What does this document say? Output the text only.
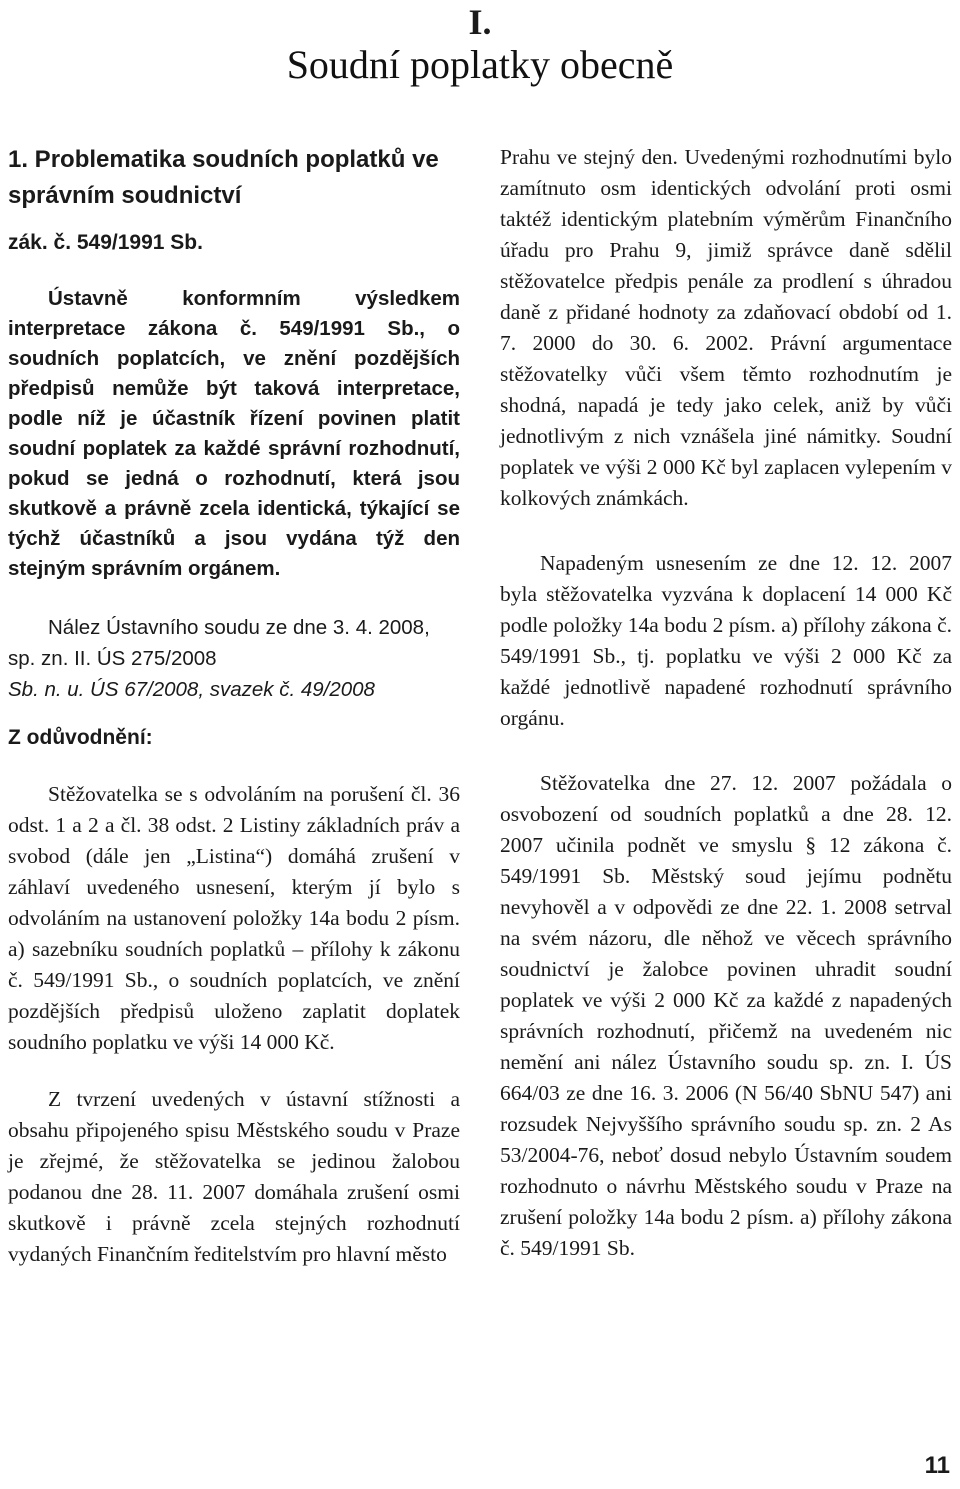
I.
Soudní poplatky obecně
1. Problematika soudních poplatků ve správním soudnictví
zák. č. 549/1991 Sb.

Ústavně konformním výsledkem interpretace zákona č. 549/1991 Sb., o soudních poplatcích, ve znění pozdějších předpisů nemůže být taková interpretace, podle níž je účastník řízení povinen platit soudní poplatek za každé správní rozhodnutí, pokud se jedná o rozhodnutí, která jsou skutkově a právně zcela identická, týkající se týchž účastníků a jsou vydána týž den stejným správním orgánem.

Nález Ústavního soudu ze dne 3. 4. 2008, sp. zn. II. ÚS 275/2008
Sb. n. u. ÚS 67/2008, svazek č. 49/2008
Z odůvodnění:

Stěžovatelka se s odvoláním na porušení čl. 36 odst. 1 a 2 a čl. 38 odst. 2 Listiny základních práv a svobod (dále jen „Listina“) domáhá zrušení v záhlaví uvedeného usnesení, kterým jí bylo s odvoláním na ustanovení položky 14a bodu 2 písm. a) sazebníku soudních poplatků – přílohy k zákonu č. 549/1991 Sb., o soudních poplatcích, ve znění pozdějších předpisů uloženo zaplatit doplatek soudního poplatku ve výši 14 000 Kč.

Z tvrzení uvedených v ústavní stížnosti a obsahu připojeného spisu Městského soudu v Praze je zřejmé, že stěžovatelka se jedinou žalobou podanou dne 28. 11. 2007 domáhala zrušení osmi skutkově i právně zcela stejných rozhodnutí vydaných Finančním ředitelstvím pro hlavní město

Prahu ve stejný den. Uvedenými rozhodnutími bylo zamítnuto osm identických odvolání proti osmi taktéž identickým platebním výměrům Finančního úřadu pro Prahu 9, jimiž správce daně sdělil stěžovatelce předpis penále za prodlení s úhradou daně z přidané hodnoty za zdaňovací období od 1. 7. 2000 do 30. 6. 2002. Právní argumentace stěžovatelky vůči všem těmto rozhodnutím je shodná, napadá je tedy jako celek, aniž by vůči jednotlivým z nich vznášela jiné námitky. Soudní poplatek ve výši 2 000 Kč byl zaplacen vylepením v kolkových známkách.

Napadeným usnesením ze dne 12. 12. 2007 byla stěžovatelka vyzvána k doplacení 14 000 Kč podle položky 14a bodu 2 písm. a) přílohy zákona č. 549/1991 Sb., tj. poplatku ve výši 2 000 Kč za každé jednotlivě napadené rozhodnutí správního orgánu.

Stěžovatelka dne 27. 12. 2007 požádala o osvobození od soudních poplatků a dne 28. 12. 2007 učinila podnět ve smyslu § 12 zákona č. 549/1991 Sb. Městský soud jejímu podnětu nevyhověl a v odpovědi ze dne 22. 1. 2008 setrval na svém názoru, dle něhož ve věcech správního soudnictví je žalobce povinen uhradit soudní poplatek ve výši 2 000 Kč za každé z napadených správních rozhodnutí, přičemž na uvedeném nic nemění ani nález Ústavního soudu sp. zn. I. ÚS 664/03 ze dne 16. 3. 2006 (N 56/40 SbNU 547) ani rozsudek Nejvyššího správního soudu sp. zn. 2 As 53/2004-76, neboť dosud nebylo Ústavním soudem rozhodnuto o návrhu Městského soudu v Praze na zrušení položky 14a bodu 2 písm. a) přílohy zákona č. 549/1991 Sb.

11
